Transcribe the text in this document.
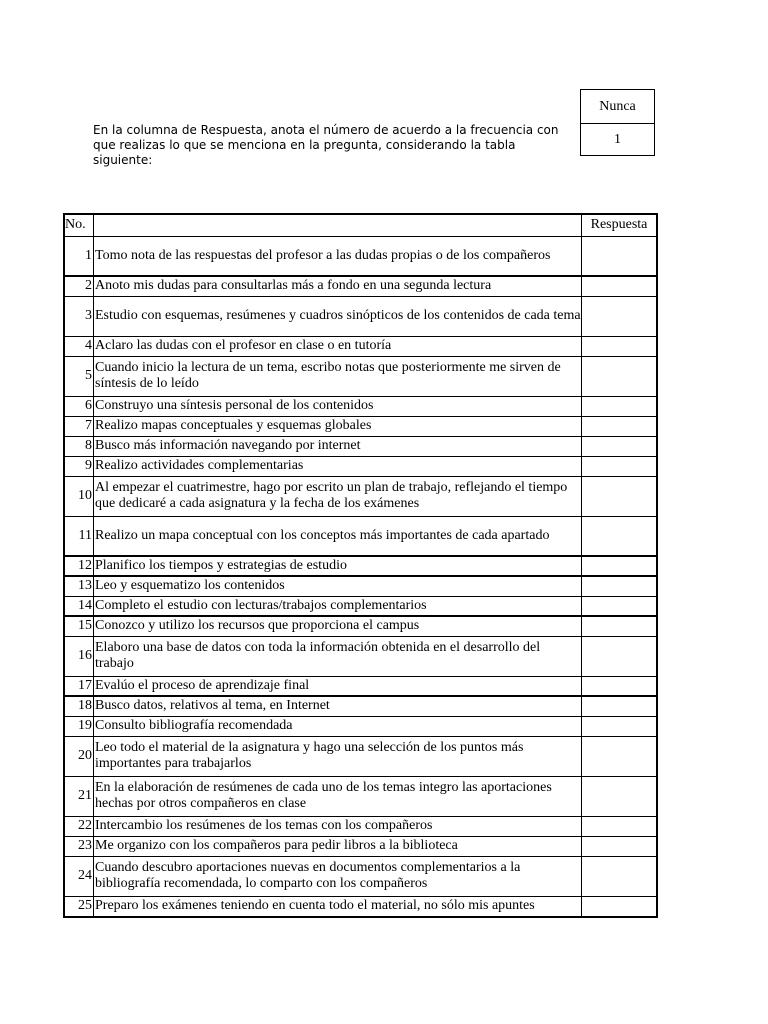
En la columna de Respuesta, anota el número de acuerdo a la frecuencia con que realizas lo que se menciona en la pregunta, considerando la tabla siguiente:
Nunca
1
No.		Respuesta
1	Tomo nota de las respuestas del profesor a las dudas propias o de los compañeros	
2	Anoto mis dudas para consultarlas más a fondo en una segunda lectura	
3	Estudio con esquemas, resúmenes y cuadros sinópticos de los contenidos de cada tema	
4	Aclaro las dudas con el profesor en clase o en tutoría	
5	Cuando inicio la lectura de un tema, escribo notas que posteriormente me sirven de síntesis de lo leído	
6	Construyo una síntesis personal de los contenidos	
7	Realizo mapas conceptuales y esquemas globales	
8	Busco más información navegando por internet	
9	Realizo actividades complementarias	
10	Al empezar el cuatrimestre, hago por escrito un plan de trabajo, reflejando el tiempo que dedicaré a cada asignatura y la fecha de los exámenes	
11	Realizo un mapa conceptual con los conceptos más importantes de cada apartado	
12	Planifico los tiempos y estrategias de estudio	
13	Leo y esquematizo los contenidos	
14	Completo el estudio con lecturas/trabajos complementarios	
15	Conozco y utilizo los recursos que proporciona el campus	
16	Elaboro una base de datos con toda la información obtenida en el desarrollo del trabajo	
17	Evalúo el proceso de aprendizaje final	
18	Busco datos, relativos al tema, en Internet	
19	Consulto bibliografía recomendada	
20	Leo todo el material de la asignatura y hago una selección de los puntos más importantes para trabajarlos	
21	En la elaboración de resúmenes de cada uno de los temas integro las aportaciones hechas por otros compañeros en clase	
22	Intercambio los resúmenes de los temas con los compañeros	
23	Me organizo con los compañeros para pedir libros a la biblioteca	
24	Cuando descubro aportaciones nuevas en documentos complementarios a la bibliografía recomendada, lo comparto con los compañeros	
25	Preparo los exámenes teniendo en cuenta todo el material, no sólo mis apuntes	
